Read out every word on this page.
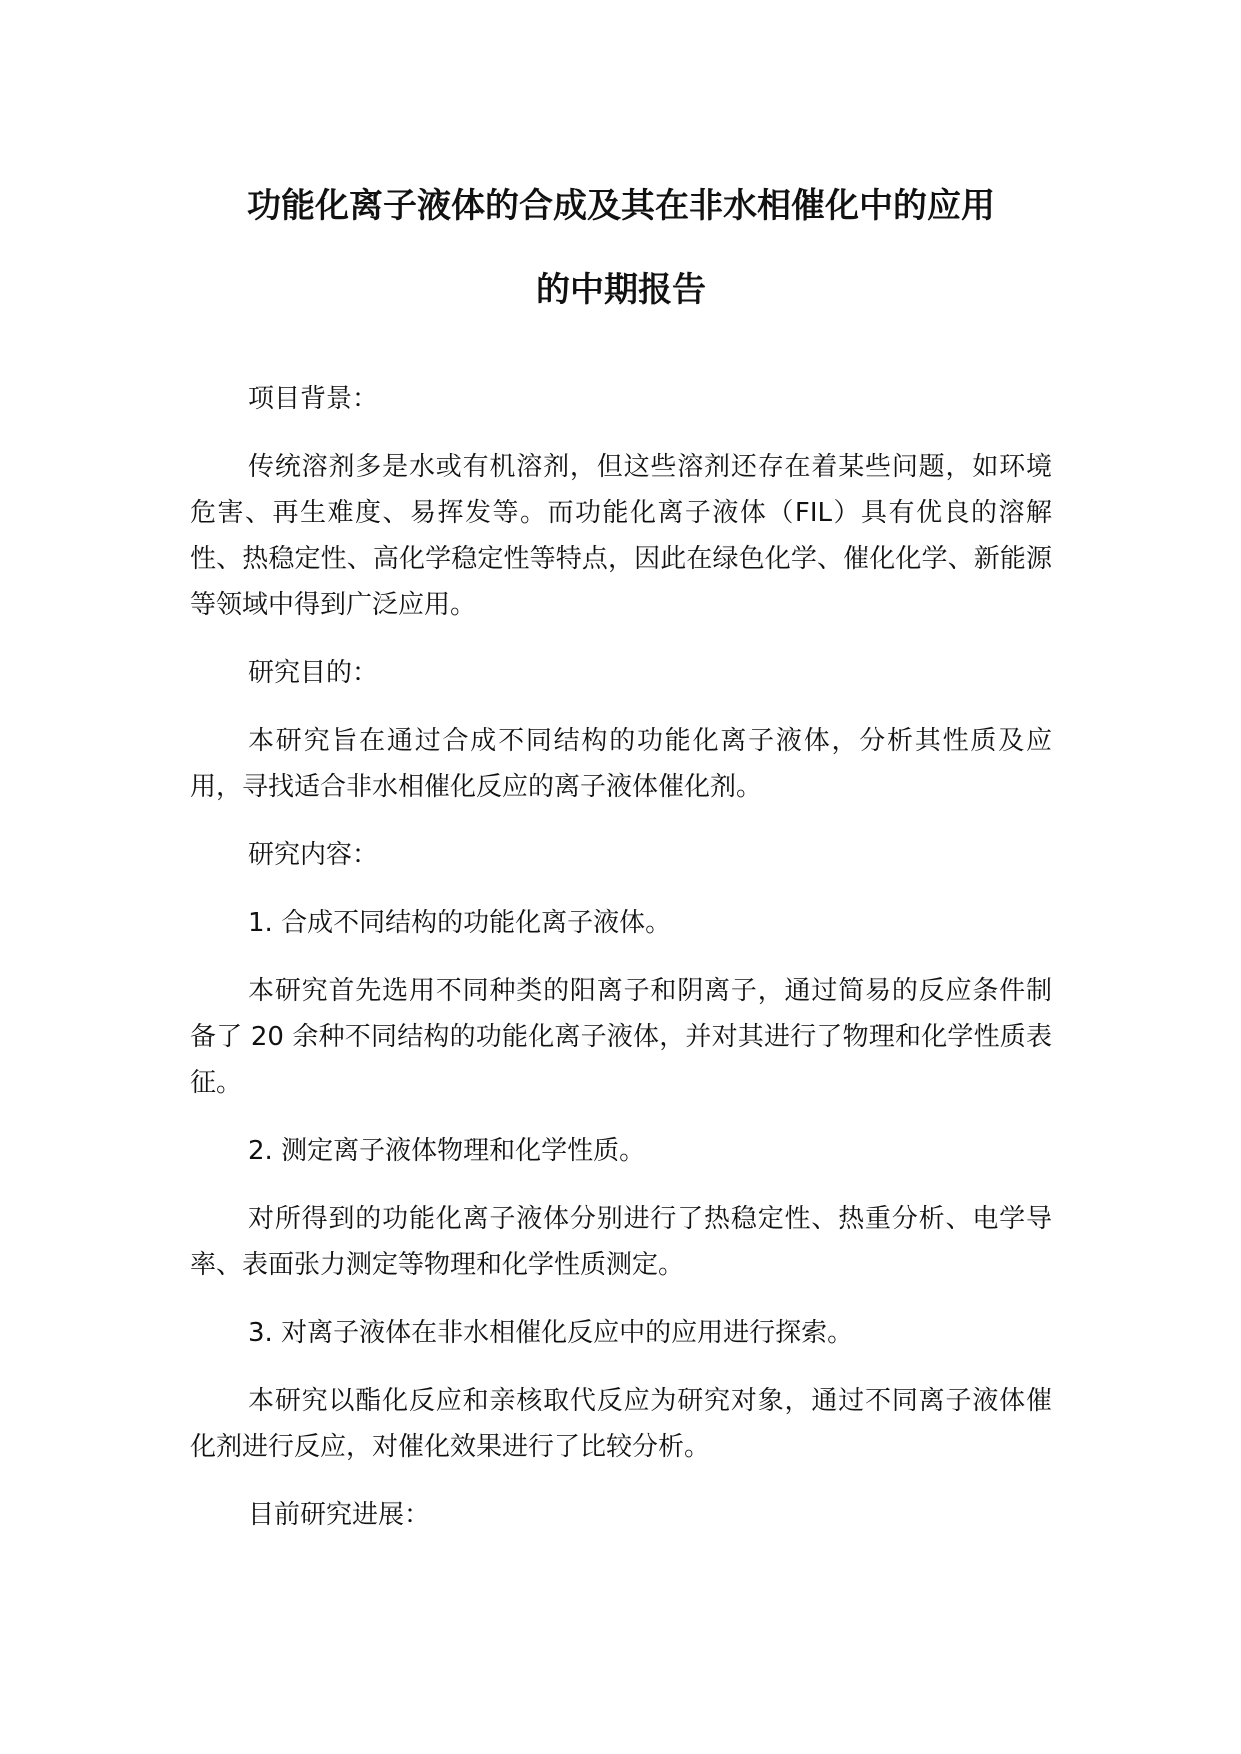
功能化离子液体的合成及其在非水相催化中的应用
的中期报告

项目背景：

传统溶剂多是水或有机溶剂，但这些溶剂还存在着某些问题，如环境危害、再生难度、易挥发等。而功能化离子液体（FIL）具有优良的溶解性、热稳定性、高化学稳定性等特点，因此在绿色化学、催化化学、新能源等领域中得到广泛应用。

研究目的：

本研究旨在通过合成不同结构的功能化离子液体，分析其性质及应用，寻找适合非水相催化反应的离子液体催化剂。

研究内容：

1. 合成不同结构的功能化离子液体。

本研究首先选用不同种类的阳离子和阴离子，通过简易的反应条件制备了 20 余种不同结构的功能化离子液体，并对其进行了物理和化学性质表征。

2. 测定离子液体物理和化学性质。

对所得到的功能化离子液体分别进行了热稳定性、热重分析、电学导率、表面张力测定等物理和化学性质测定。

3. 对离子液体在非水相催化反应中的应用进行探索。

本研究以酯化反应和亲核取代反应为研究对象，通过不同离子液体催化剂进行反应，对催化效果进行了比较分析。

目前研究进展：
